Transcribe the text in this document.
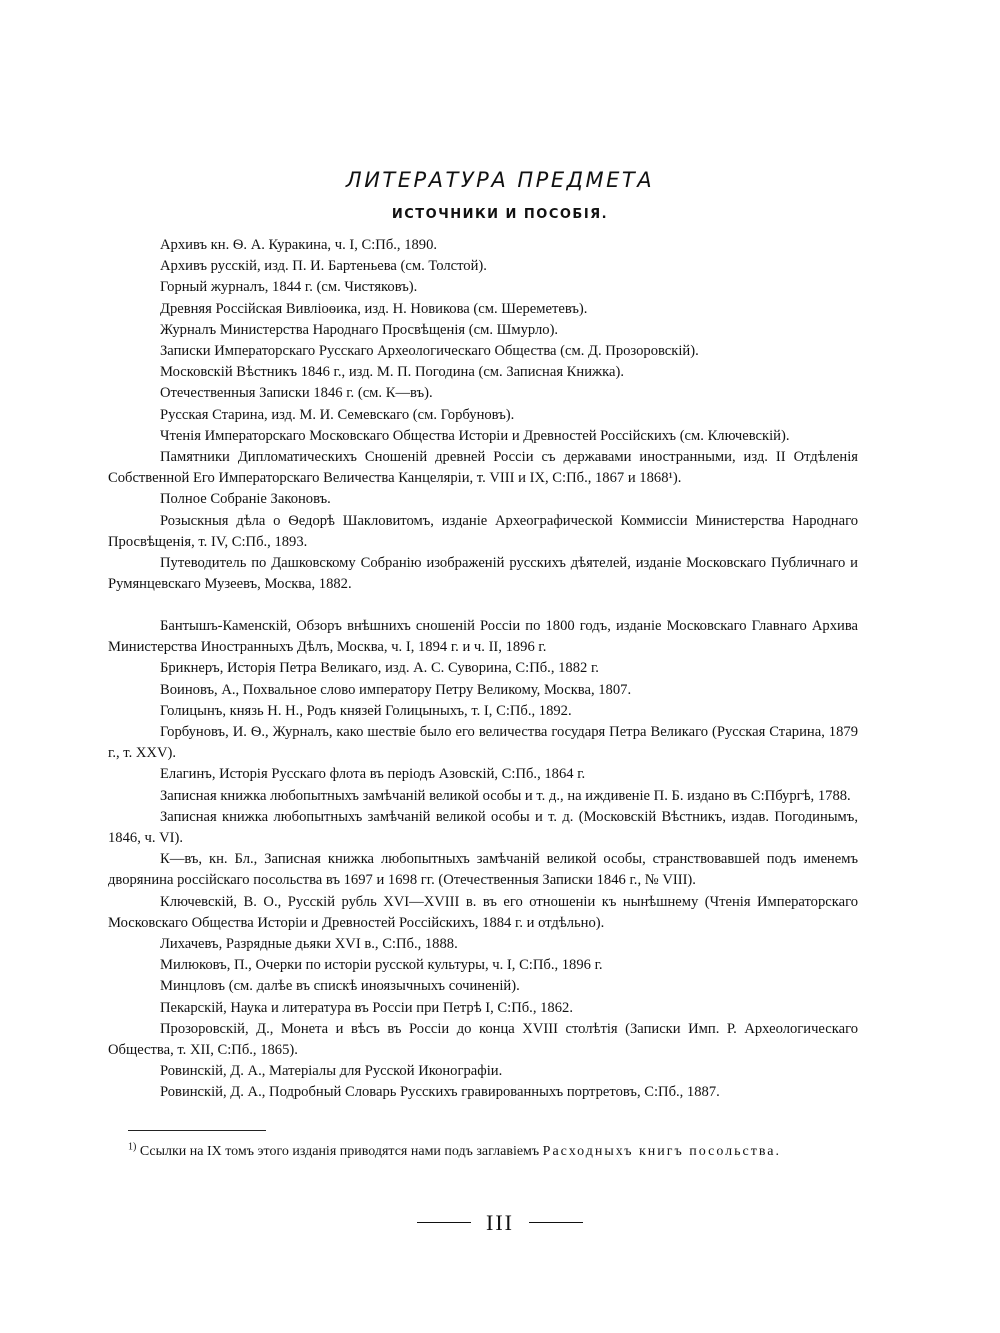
ЛИТЕРАТУРА ПРЕДМЕТА
ИСТОЧНИКИ И ПОСОБІЯ.
Архивъ кн. Ѳ. А. Куракина, ч. I, С:Пб., 1890.
Архивъ русскій, изд. П. И. Бартеньева (см. Толстой).
Горный журналъ, 1844 г. (см. Чистяковъ).
Древняя Россійская Вивліоѳика, изд. Н. Новикова (см. Шереметевъ).
Журналъ Министерства Народнаго Просвѣщенія (см. Шмурло).
Записки Императорскаго Русскаго Археологическаго Общества (см. Д. Прозоровскій).
Московскій Вѣстникъ 1846 г., изд. М. П. Погодина (см. Записная Книжка).
Отечественныя Записки 1846 г. (см. К—въ).
Русская Старина, изд. М. И. Семевскаго (см. Горбуновъ).
Чтенія Императорскаго Московскаго Общества Исторіи и Древностей Россійскихъ (см. Ключевскій).
Памятники Дипломатическихъ Сношеній древней Россіи съ державами иностранными, изд. II Отдѣленія Собственной Его Императорскаго Величества Канцеляріи, т. VIII и IX, С:Пб., 1867 и 1868¹).
Полное Собраніе Законовъ.
Розыскныя дѣла о Ѳедорѣ Шакловитомъ, изданіе Археографической Коммиссіи Министерства Народнаго Просвѣщенія, т. IV, С:Пб., 1893.
Путеводитель по Дашковскому Собранію изображеній русскихъ дѣятелей, изданіе Московскаго Публичнаго и Румянцевскаго Музеевъ, Москва, 1882.
Бантышъ-Каменскій, Обзоръ внѣшнихъ сношеній Россіи по 1800 годъ, изданіе Московскаго Главнаго Архива Министерства Иностранныхъ Дѣлъ, Москва, ч. I, 1894 г. и ч. II, 1896 г.
Брикнеръ, Исторія Петра Великаго, изд. А. С. Суворина, С:Пб., 1882 г.
Воиновъ, А., Похвальное слово императору Петру Великому, Москва, 1807.
Голицынъ, князь Н. Н., Родъ князей Голицыныхъ, т. I, С:Пб., 1892.
Горбуновъ, И. Ѳ., Журналъ, како шествіе было его величества государя Петра Великаго (Русская Старина, 1879 г., т. XXV).
Елагинъ, Исторія Русскаго флота въ періодъ Азовскій, С:Пб., 1864 г.
Записная книжка любопытныхъ замѣчаній великой особы и т. д., на иждивеніе П. Б. издано въ С:Пбургѣ, 1788.
Записная книжка любопытныхъ замѣчаній великой особы и т. д. (Московскій Вѣстникъ, издав. Погодинымъ, 1846, ч. VI).
К—въ, кн. Бл., Записная книжка любопытныхъ замѣчаній великой особы, странствовавшей подъ именемъ дворянина россійскаго посольства въ 1697 и 1698 гг. (Отечественныя Записки 1846 г., № VIII).
Ключевскій, В. О., Русскій рубль XVI—XVIII в. въ его отношеніи къ нынѣшнему (Чтенія Императорскаго Московскаго Общества Исторіи и Древностей Россійскихъ, 1884 г. и отдѣльно).
Лихачевъ, Разрядные дьяки XVI в., С:Пб., 1888.
Милюковъ, П., Очерки по исторіи русской культуры, ч. I, С:Пб., 1896 г.
Минцловъ (см. далѣе въ спискѣ иноязычныхъ сочиненій).
Пекарскій, Наука и литература въ Россіи при Петрѣ I, С:Пб., 1862.
Прозоровскій, Д., Монета и вѣсъ въ Россіи до конца XVIII столѣтія (Записки Имп. Р. Археологическаго Общества, т. XII, С:Пб., 1865).
Ровинскій, Д. А., Матеріалы для Русской Иконографіи.
Ровинскій, Д. А., Подробный Словарь Русскихъ гравированныхъ портретовъ, С:Пб., 1887.
$^{1)}$ Ссылки на IX томъ этого изданія приводятся нами подъ заглавіемъ Расходныхъ книгъ посольства.
III
